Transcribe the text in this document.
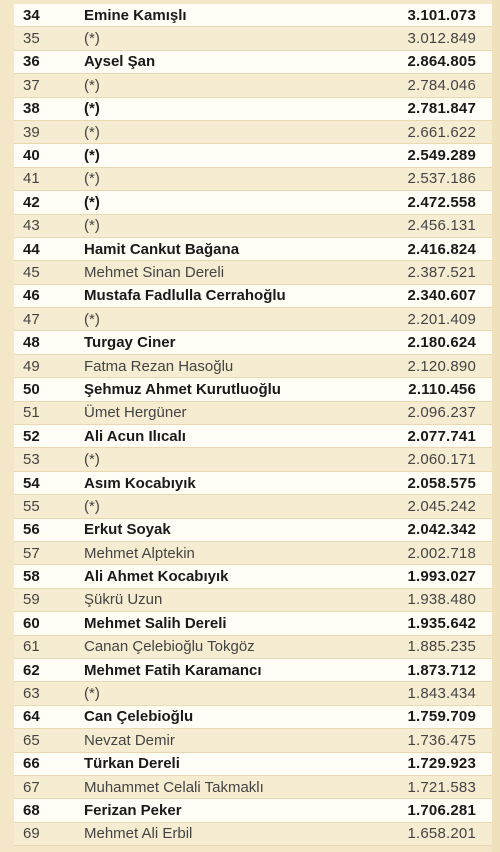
34	Emine Kamışlı	3.101.073
35	(*)	3.012.849
36	Aysel Şan	2.864.805
37	(*)	2.784.046
38	(*)	2.781.847
39	(*)	2.661.622
40	(*)	2.549.289
41	(*)	2.537.186
42	(*)	2.472.558
43	(*)	2.456.131
44	Hamit Cankut Bağana	2.416.824
45	Mehmet Sinan Dereli	2.387.521
46	Mustafa Fadlulla Cerrahoğlu	2.340.607
47	(*)	2.201.409
48	Turgay Ciner	2.180.624
49	Fatma Rezan Hasoğlu	2.120.890
50	Şehmuz Ahmet Kurutluoğlu	2.110.456
51	Ümet Hergüner	2.096.237
52	Ali Acun Ilıcalı	2.077.741
53	(*)	2.060.171
54	Asım Kocabıyık	2.058.575
55	(*)	2.045.242
56	Erkut Soyak	2.042.342
57	Mehmet Alptekin	2.002.718
58	Ali Ahmet Kocabıyık	1.993.027
59	Şükrü Uzun	1.938.480
60	Mehmet Salih Dereli	1.935.642
61	Canan Çelebioğlu Tokgöz	1.885.235
62	Mehmet Fatih Karamancı	1.873.712
63	(*)	1.843.434
64	Can Çelebioğlu	1.759.709
65	Nevzat Demir	1.736.475
66	Türkan Dereli	1.729.923
67	Muhammet Celali Takmaklı	1.721.583
68	Ferizan Peker	1.706.281
69	Mehmet Ali Erbil	1.658.201
